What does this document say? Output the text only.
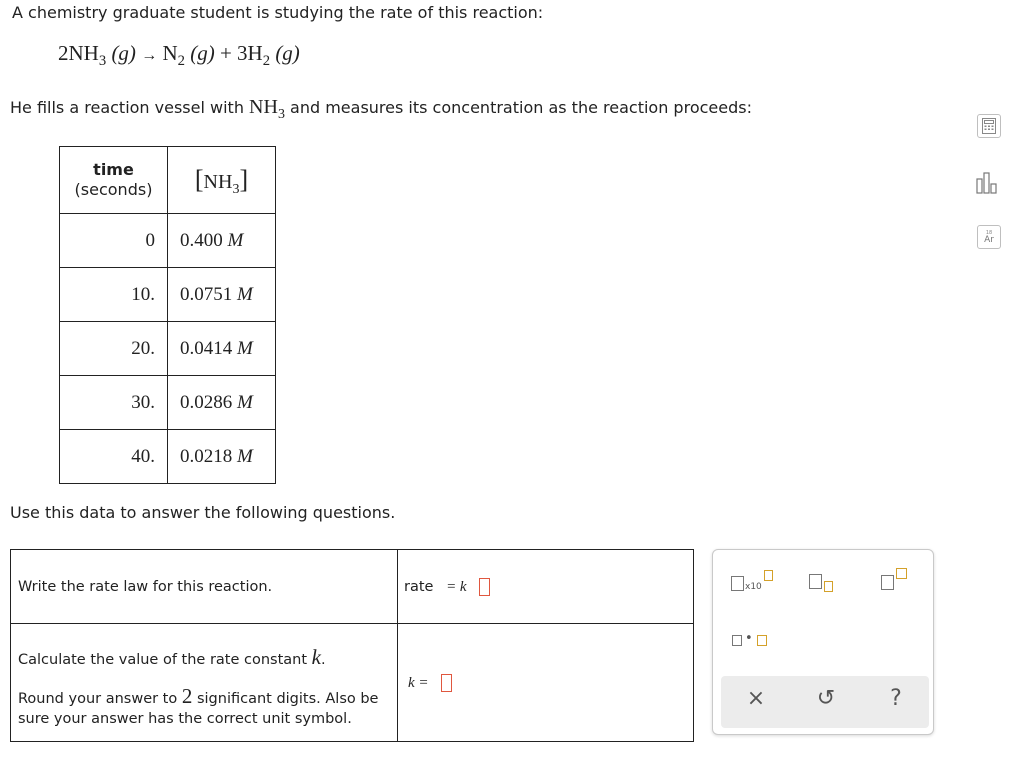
A chemistry graduate student is studying the rate of this reaction:
$2NH_3$ $(g) \to N_2$ $(g) + 3H_2$ (g)
He fills a reaction vessel with $NH_3$ and measures its concentration as the reaction proceeds:
time
(seconds)	$[NH_3]$
0	0.400 M
10.	0.0751 M
20.	0.0414 M
30.	0.0286 M
40.	0.0218 M
Use this data to answer the following questions.
Write the rate law for this reaction.	rate = k

Calculate the value of the rate constant k.
Round your answer to 2 significant digits. Also be
sure your answer has the correct unit symbol.	k =
18
Ar
x10
•
× ↺	?
